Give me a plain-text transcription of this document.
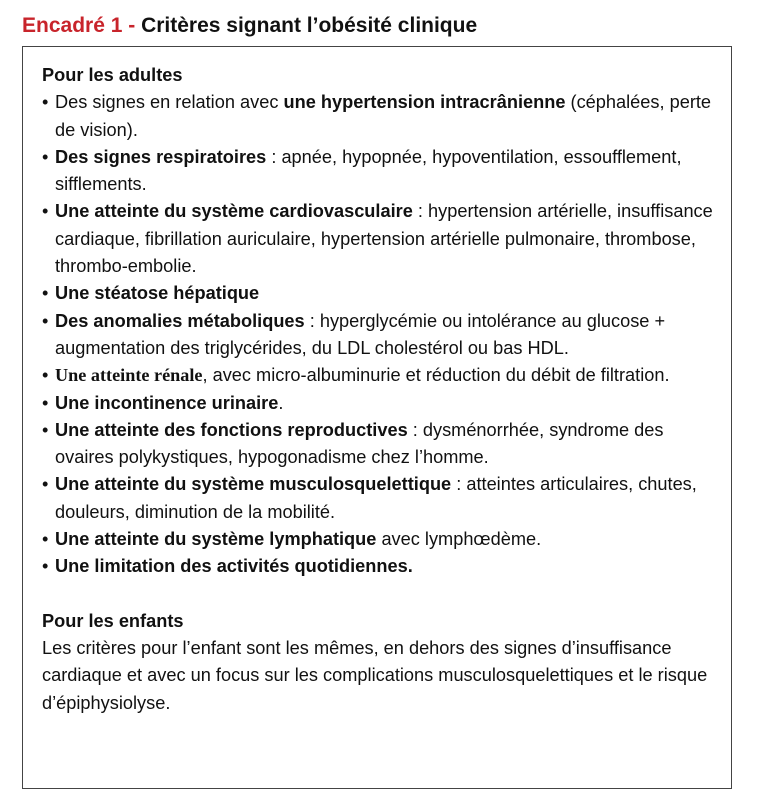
Encadré 1 - Critères signant l’obésité clinique
Pour les adultes
• Des signes en relation avec une hypertension intracrânienne (céphalées, perte de vision).
• Des signes respiratoires : apnée, hypopnée, hypoventilation, essoufflement, sifflements.
• Une atteinte du système cardiovasculaire : hypertension artérielle, insuffisance cardiaque, fibrillation auriculaire, hypertension artérielle pulmonaire, thrombose, thrombo-embolie.
• Une stéatose hépatique
• Des anomalies métaboliques : hyperglycémie ou intolérance au glucose + augmentation des triglycérides, du LDL cholestérol ou bas HDL.
• Une atteinte rénale, avec micro-albuminurie et réduction du débit de filtration.
• Une incontinence urinaire.
• Une atteinte des fonctions reproductives : dysménorrhée, syndrome des ovaires polykystiques, hypogonadisme chez l’homme.
• Une atteinte du système musculosquelettique : atteintes articulaires, chutes, douleurs, diminution de la mobilité.
• Une atteinte du système lymphatique avec lymphœdème.
• Une limitation des activités quotidiennes.
Pour les enfants

Les critères pour l’enfant sont les mêmes, en dehors des signes d’insuffisance cardiaque et avec un focus sur les complications musculosquelettiques et le risque d’épiphysiolyse.
